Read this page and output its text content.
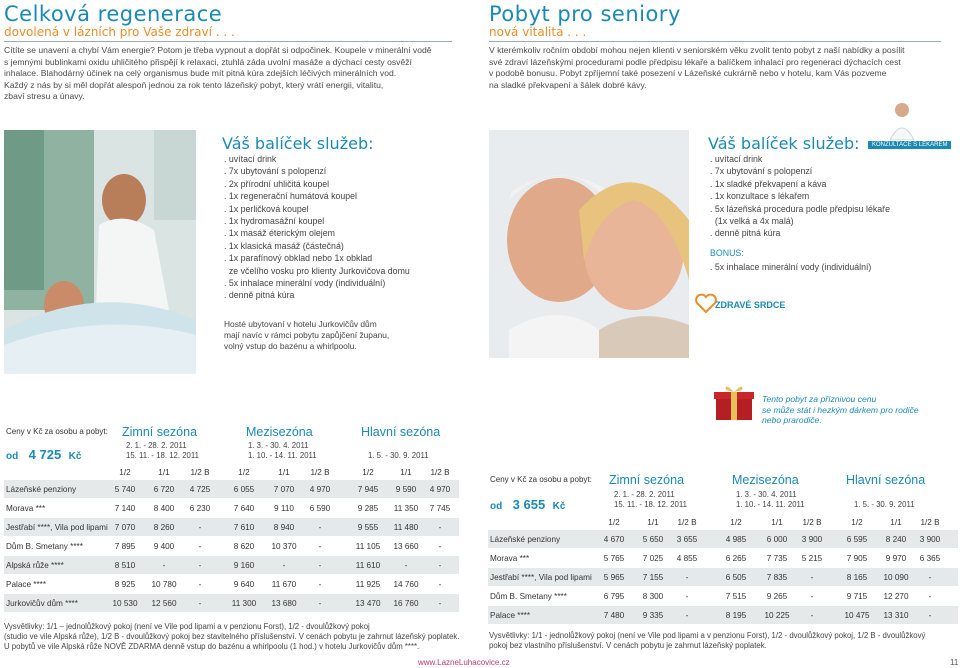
Celková regenerace
dovolená v lázních pro Vaše zdraví . . .
Cítíte se unavení a chybí Vám energie? Potom je třeba vypnout a dopřát si odpočinek. Koupele v minerální vodě
s jemnými bublinkami oxidu uhličitého přispějí k relaxaci, ztuhlá záda uvolní masáže a dýchací cesty osvěží
inhalace. Blahodárný účinek na celý organismus bude mít pitná kúra zdejších léčivých minerálních vod.
Každý z nás by si měl dopřát alespoň jednou za rok tento lázeňský pobyt, který vrátí energii, vitalitu,
zbaví stresu a únavy.
Váš balíček služeb:
. uvítací drink
. 7x ubytování s polopenzí
. 2x přírodní uhličitá koupel
. 1x regenerační humátová koupel
. 1x perličková koupel
. 1x hydromasážní koupel
. 1x masáž éterickým olejem
. 1x klasická masáž (částečná)
. 1x parafínový obklad nebo 1x obklad
ze včelího vosku pro klienty Jurkovičova domu
. 5x inhalace minerální vody (individuální)
. denně pitná kúra
Hosté ubytovaní v hotelu Jurkovičův dům
mají navíc v rámci pobytu zapůjčení županu,
volný vstup do bazénu a whirlpoolu.
Ceny v Kč za osobu a pobyt:
od 4 725 Kč
Zimní sezóna
2. 1. - 28. 2. 2011
15. 11. - 18. 12. 2011
Mezisezóna
1. 3. - 30. 4. 2011
1. 10. - 14. 11. 2011
Hlavní sezóna
1. 5. - 30. 9. 2011
1/2	1/1	1/2 B	1/2	1/1	1/2 B	1/2	1/1	1/2 B
Lázeňské penziony	5 740	6 720	4 725	6 055	7 070	4 970	7 945	9 590	4 970
Morava ***	7 140	8 400	6 230	7 640	9 110	6 590	9 285	11 350	7 745
Jestřabí ****, Vila pod lipami 7 070	8 260	-	7 610	8 940	-	9 555	11 480	-
Dům B. Smetany ****	7 895	9 400	-	8 620	10 370	-	11 105	13 660	-
Alpská růže ****	8 510	-	-	9 160	-	-	11 610	-	-
Palace ****	8 925	10 780	-	9 640	11 670	-	11 925	14 760	-
Jurkovičův dům ****	10 530	12 560	-	11 300	13 680	-	13 470	16 760	-
Vysvětlivky: 1/1 – jednolůžkový pokoj (není ve Vile pod lipami a v penzionu Forst), 1/2 - dvoulůžkový pokoj
(studio ve vile Alpská růže), 1/2 B - dvoulůžkový pokoj bez stavitelného příslušenství. V cenách pobytu je zahrnut lázeňský poplatek.
U pobytů ve vile Alpská růže NOVĚ ZDARMA denně vstup do bazénu a whirlpoolu (1 hod.) v hotelu Jurkovičův dům ****.
Pobyt pro seniory
nová vitalita . . .
V kterémkoliv ročním období mohou nejen klienti v seniorském věku zvolit tento pobyt z naší nabídky a posílit
své zdraví lázeňskými procedurami podle předpisu lékaře a balíčkem inhalací pro regeneraci dýchacích cest
v podobě bonusu. Pobyt zpříjemní také posezení v Lázeňské cukrárně nebo v hotelu, kam Vás pozveme
na sladké překvapení a šálek dobré kávy.
Váš balíček služeb:	KONZULTACE S LÉKAŘEM
. uvítací drink
. 7x ubytování s polopenzí
. 1x sladké překvapení a káva
. 1x konzultace s lékařem
. 5x lázeňská procedura podle předpisu lékaře
(1x velká a 4x malá)
. denně pitná kúra
BONUS:
. 5x inhalace minerální vody (individuální)
ZDRAVÉ SRDCE
Tento pobyt za příznivou cenu
se může stát i hezkým dárkem pro rodiče
nebo prarodiče.
Ceny v Kč za osobu a pobyt:
od 3 655 Kč
Zimní sezóna
2. 1. - 28. 2. 2011
15. 11. - 18. 12. 2011
Mezisezóna
1. 3. - 30. 4. 2011
1. 10. - 14. 11. 2011
Hlavní sezóna
1. 5. - 30. 9. 2011
1/2	1/1	1/2 B	1/2	1/1	1/2 B	1/2	1/1	1/2 B
Lázeňské penziony	4 670	5 650	3 655	4 985	6 000	3 900	6 595	8 240	3 900
Morava ***	5 765	7 025	4 855	6 265	7 735	5 215	7 905	9 970	6 365
Jestřabí ****, Vila pod lipami	5 965	7 155	-	6 505	7 835	-	8 165	10 090	-
Dům B. Smetany ****	6 795	8 300	-	7 515	9 265	-	9 715	12 270	-
Palace ****	7 480	9 335	-	8 195	10 225	-	10 475	13 310	-
Vysvětlivky: 1/1 - jednolůžkový pokoj (není ve Vile pod lipami a v penzionu Forst), 1/2 - dvoulůžkový pokoj, 1/2 B - dvoulůžkový
pokoj bez vlastního příslušenství. V cenách pobytu je zahrnut lázeňský poplatek.
www.LazneLuhacovice.cz	11
